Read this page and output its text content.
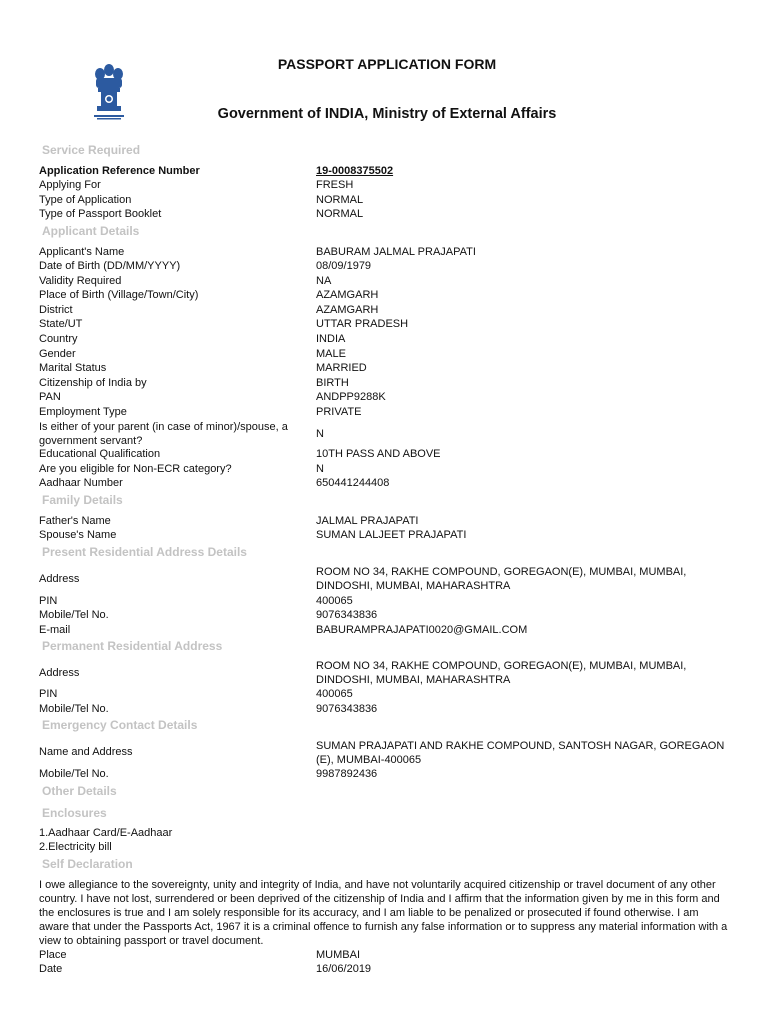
PASSPORT APPLICATION FORM
Government of INDIA, Ministry of External Affairs
Service Required
Application Reference Number	19-0008375502
Applying For	FRESH
Type of Application	NORMAL
Type of Passport Booklet	NORMAL
Applicant Details
Applicant's Name	BABURAM JALMAL PRAJAPATI
Date of Birth (DD/MM/YYYY)	08/09/1979
Validity Required	NA
Place of Birth (Village/Town/City)	AZAMGARH
District	AZAMGARH
State/UT	UTTAR PRADESH
Country	INDIA
Gender	MALE
Marital Status	MARRIED
Citizenship of India by	BIRTH
PAN	ANDPP9288K
Employment Type	PRIVATE
Is either of your parent (in case of minor)/spouse, a government servant?
N
Educational Qualification	10TH PASS AND ABOVE
Are you eligible for Non-ECR category?	N
Aadhaar Number	650441244408
Family Details
Father's Name	JALMAL PRAJAPATI
Spouse's Name	SUMAN LALJEET PRAJAPATI
Present Residential Address Details
Address
ROOM NO 34, RAKHE COMPOUND, GOREGAON(E), MUMBAI, MUMBAI, DINDOSHI, MUMBAI, MAHARASHTRA
PIN	400065
Mobile/Tel No.	9076343836
E-mail	BABURAMPRAJAPATI0020@GMAIL.COM
Permanent Residential Address
Address
ROOM NO 34, RAKHE COMPOUND, GOREGAON(E), MUMBAI, MUMBAI, DINDOSHI, MUMBAI, MAHARASHTRA
PIN	400065
Mobile/Tel No.	9076343836
Emergency Contact Details
Name and Address	SUMAN PRAJAPATI AND RAKHE COMPOUND, SANTOSH NAGAR, GOREGAON (E), MUMBAI-400065
Mobile/Tel No.	9987892436
Other Details
Enclosures
1.Aadhaar Card/E-Aadhaar
2.Electricity bill
Self Declaration
I owe allegiance to the sovereignty, unity and integrity of India, and have not voluntarily acquired citizenship or travel document of any other country. I have not lost, surrendered or been deprived of the citizenship of India and I affirm that the information given by me in this form and the enclosures is true and I am solely responsible for its accuracy, and I am liable to be penalized or prosecuted if found otherwise. I am aware that under the Passports Act, 1967 it is a criminal offence to furnish any false information or to suppress any material information with a view to obtaining passport or travel document.
Place	MUMBAI
Date	16/06/2019
